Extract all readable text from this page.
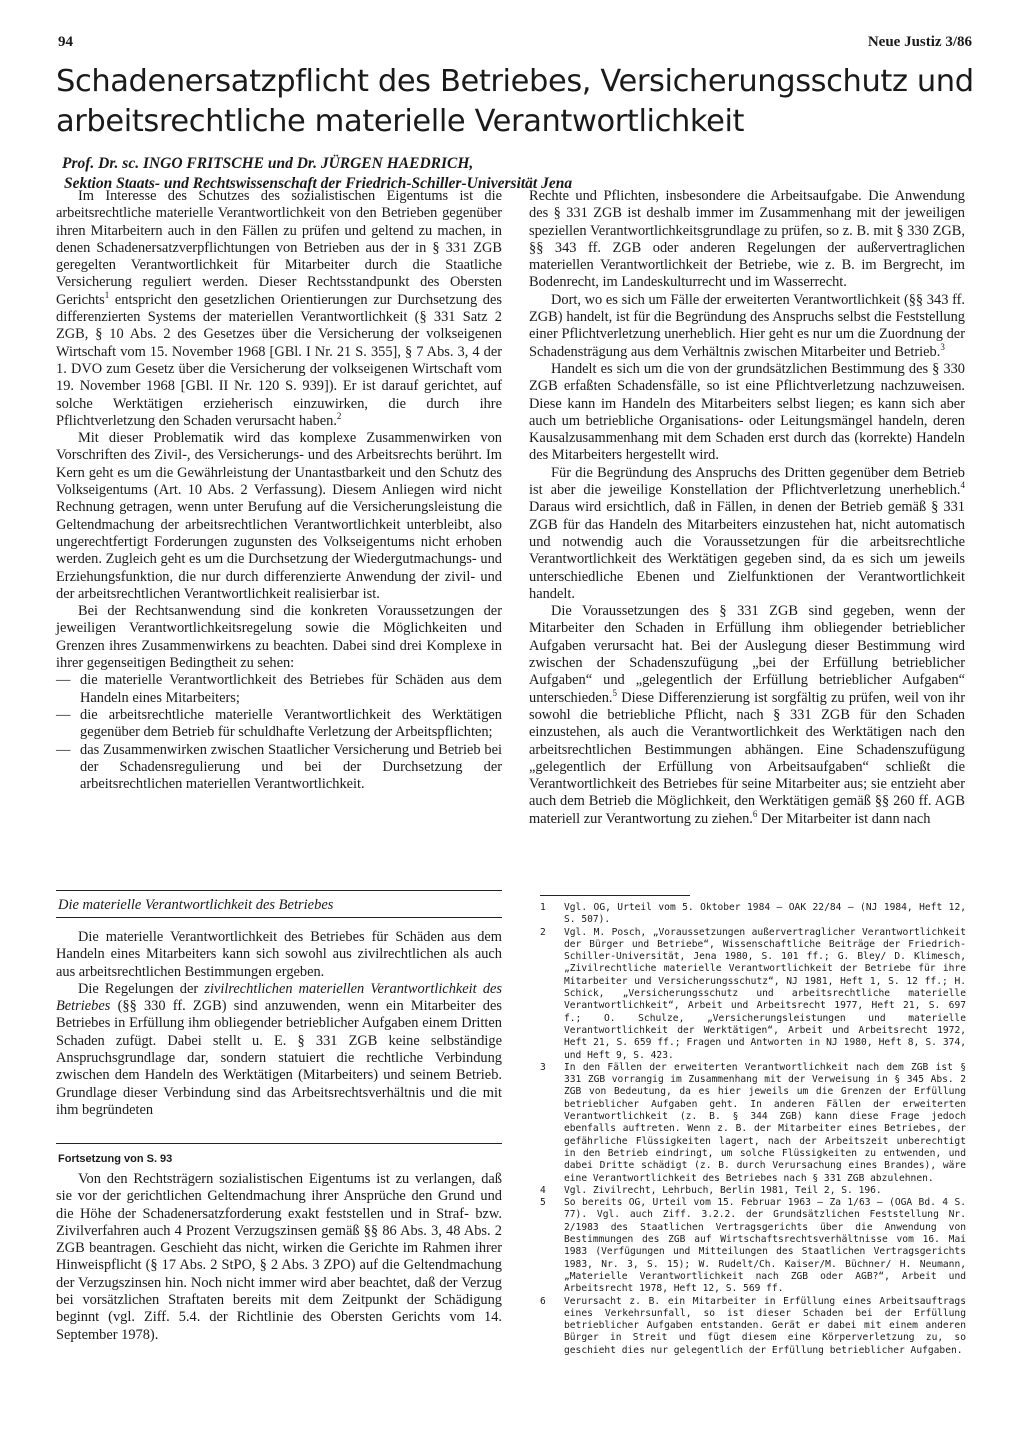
94	Neue Justiz 3/86
Schadenersatzpflicht des Betriebes, Versicherungsschutz und arbeitsrechtliche materielle Verantwortlichkeit
Prof. Dr. sc. INGO FRITSCHE und Dr. JÜRGEN HAEDRICH,
Sektion Staats- und Rechtswissenschaft der Friedrich-Schiller-Universität Jena

Im Interesse des Schutzes des sozialistischen Eigentums ist die arbeitsrechtliche materielle Verantwortlichkeit von den Betrieben gegenüber ihren Mitarbeitern auch in den Fällen zu prüfen und geltend zu machen, in denen Schadenersatzverpflichtungen von Betrieben aus der in § 331 ZGB geregelten Verantwortlichkeit für Mitarbeiter durch die Staatliche Versicherung reguliert werden. Dieser Rechtsstandpunkt des Obersten Gerichts$^1$ entspricht den gesetzlichen Orientierungen zur Durchsetzung des differenzierten Systems der materiellen Verantwortlichkeit (§ 331 Satz 2 ZGB, § 10 Abs. 2 des Gesetzes über die Versicherung der volkseigenen Wirtschaft vom 15. November 1968 [GBl. I Nr. 21 S. 355], § 7 Abs. 3, 4 der 1. DVO zum Gesetz über die Versicherung der volkseigenen Wirtschaft vom 19. November 1968 [GBl. II Nr. 120 S. 939]). Er ist darauf gerichtet, auf solche Werktätigen erzieherisch einzuwirken, die durch ihre Pflichtverletzung den Schaden verursacht haben.$^2$

Mit dieser Problematik wird das komplexe Zusammenwirken von Vorschriften des Zivil-, des Versicherungs- und des Arbeitsrechts berührt. Im Kern geht es um die Gewährleistung der Unantastbarkeit und den Schutz des Volkseigentums (Art. 10 Abs. 2 Verfassung). Diesem Anliegen wird nicht Rechnung getragen, wenn unter Berufung auf die Versicherungsleistung die Geltendmachung der arbeitsrechtlichen Verantwortlichkeit unterbleibt, also ungerechtfertigt Forderungen zugunsten des Volkseigentums nicht erhoben werden. Zugleich geht es um die Durchsetzung der Wiedergutmachungs- und Erziehungsfunktion, die nur durch differenzierte Anwendung der zivil- und der arbeitsrechtlichen Verantwortlichkeit realisierbar ist.

Bei der Rechtsanwendung sind die konkreten Voraussetzungen der jeweiligen Verantwortlichkeitsregelung sowie die Möglichkeiten und Grenzen ihres Zusammenwirkens zu beachten. Dabei sind drei Komplexe in ihrer gegenseitigen Bedingtheit zu sehen:

— die materielle Verantwortlichkeit des Betriebes für Schäden aus dem Handeln eines Mitarbeiters;
— die arbeitsrechtliche materielle Verantwortlichkeit des Werktätigen gegenüber dem Betrieb für schuldhafte Verletzung der Arbeitspflichten;
— das Zusammenwirken zwischen Staatlicher Versicherung und Betrieb bei der Schadensregulierung und bei der Durchsetzung der arbeitsrechtlichen materiellen Verantwortlichkeit.
Die materielle Verantwortlichkeit des Betriebes

Die materielle Verantwortlichkeit des Betriebes für Schäden aus dem Handeln eines Mitarbeiters kann sich sowohl aus zivilrechtlichen als auch aus arbeitsrechtlichen Bestimmungen ergeben.

Die Regelungen der zivilrechtlichen materiellen Verantwortlichkeit des Betriebes (§§ 330 ff. ZGB) sind anzuwenden, wenn ein Mitarbeiter des Betriebes in Erfüllung ihm obliegender betrieblicher Aufgaben einem Dritten Schaden zufügt. Dabei stellt u. E. § 331 ZGB keine selbständige Anspruchsgrundlage dar, sondern statuiert die rechtliche Verbindung zwischen dem Handeln des Werktätigen (Mitarbeiters) und seinem Betrieb. Grundlage dieser Verbindung sind das Arbeitsrechtsverhältnis und die mit ihm begründeten

Fortsetzung von S. 93

Von den Rechtsträgern sozialistischen Eigentums ist zu verlangen, daß sie vor der gerichtlichen Geltendmachung ihrer Ansprüche den Grund und die Höhe der Schadenersatzforderung exakt feststellen und in Straf- bzw. Zivilverfahren auch 4 Prozent Verzugszinsen gemäß §§ 86 Abs. 3, 48 Abs. 2 ZGB beantragen. Geschieht das nicht, wirken die Gerichte im Rahmen ihrer Hinweispflicht (§ 17 Abs. 2 StPO, § 2 Abs. 3 ZPO) auf die Geltendmachung der Verzugszinsen hin. Noch nicht immer wird aber beachtet, daß der Verzug bei vorsätzlichen Straftaten bereits mit dem Zeitpunkt der Schädigung beginnt (vgl. Ziff. 5.4. der Richtlinie des Obersten Gerichts vom 14. September 1978).

Rechte und Pflichten, insbesondere die Arbeitsaufgabe. Die Anwendung des § 331 ZGB ist deshalb immer im Zusammenhang mit der jeweiligen speziellen Verantwortlichkeitsgrundlage zu prüfen, so z. B. mit § 330 ZGB, §§ 343 ff. ZGB oder anderen Regelungen der außervertraglichen materiellen Verantwortlichkeit der Betriebe, wie z. B. im Bergrecht, im Bodenrecht, im Landeskulturrecht und im Wasserrecht.

Dort, wo es sich um Fälle der erweiterten Verantwortlichkeit (§§ 343 ff. ZGB) handelt, ist für die Begründung des Anspruchs selbst die Feststellung einer Pflichtverletzung unerheblich. Hier geht es nur um die Zuordnung der Schadensträgung aus dem Verhältnis zwischen Mitarbeiter und Betrieb.$^3$

Handelt es sich um die von der grundsätzlichen Bestimmung des § 330 ZGB erfaßten Schadensfälle, so ist eine Pflichtverletzung nachzuweisen. Diese kann im Handeln des Mitarbeiters selbst liegen; es kann sich aber auch um betriebliche Organisations- oder Leitungsmängel handeln, deren Kausalzusammenhang mit dem Schaden erst durch das (korrekte) Handeln des Mitarbeiters hergestellt wird.

Für die Begründung des Anspruchs des Dritten gegenüber dem Betrieb ist aber die jeweilige Konstellation der Pflichtverletzung unerheblich.$^4$ Daraus wird ersichtlich, daß in Fällen, in denen der Betrieb gemäß § 331 ZGB für das Handeln des Mitarbeiters einzustehen hat, nicht automatisch und notwendig auch die Voraussetzungen für die arbeitsrechtliche Verantwortlichkeit des Werktätigen gegeben sind, da es sich um jeweils unterschiedliche Ebenen und Zielfunktionen der Verantwortlichkeit handelt.

Die Voraussetzungen des § 331 ZGB sind gegeben, wenn der Mitarbeiter den Schaden in Erfüllung ihm obliegender betrieblicher Aufgaben verursacht hat. Bei der Auslegung dieser Bestimmung wird zwischen der Schadenszufügung „bei der Erfüllung betrieblicher Aufgaben“ und „gelegentlich der Erfüllung betrieblicher Aufgaben“ unterschieden.$^5$ Diese Differenzierung ist sorgfältig zu prüfen, weil von ihr sowohl die betriebliche Pflicht, nach § 331 ZGB für den Schaden einzustehen, als auch die Verantwortlichkeit des Werktätigen nach den arbeitsrechtlichen Bestimmungen abhängen. Eine Schadenszufügung „gelegentlich der Erfüllung von Arbeitsaufgaben“ schließt die Verantwortlichkeit des Betriebes für seine Mitarbeiter aus; sie entzieht aber auch dem Betrieb die Möglichkeit, den Werktätigen gemäß §§ 260 ff. AGB materiell zur Verantwortung zu ziehen.$^6$ Der Mitarbeiter ist dann nach

1 Vgl. OG, Urteil vom 5. Oktober 1984 – OAK 22/84 – (NJ 1984, Heft 12, S. 507).

2 Vgl. M. Posch, „Voraussetzungen außervertraglicher Verantwortlichkeit der Bürger und Betriebe“, Wissenschaftliche Beiträge der Friedrich-Schiller-Universität, Jena 1980, S. 101 ff.; G. Bley/ D. Klimesch, „Zivilrechtliche materielle Verantwortlichkeit der Betriebe für ihre Mitarbeiter und Versicherungsschutz“, NJ 1981, Heft 1, S. 12 ff.; H. Schick, „Versicherungsschutz und arbeitsrechtliche materielle Verantwortlichkeit“, Arbeit und Arbeitsrecht 1977, Heft 21, S. 697 f.; O. Schulze, „Versicherungsleistungen und materielle Verantwortlichkeit der Werktätigen“, Arbeit und Arbeitsrecht 1972, Heft 21, S. 659 ff.; Fragen und Antworten in NJ 1980, Heft 8, S. 374, und Heft 9, S. 423.

3 In den Fällen der erweiterten Verantwortlichkeit nach dem ZGB ist § 331 ZGB vorrangig im Zusammenhang mit der Verweisung in § 345 Abs. 2 ZGB von Bedeutung, da es hier jeweils um die Grenzen der Erfüllung betrieblicher Aufgaben geht. In anderen Fällen der erweiterten Verantwortlichkeit (z. B. § 344 ZGB) kann diese Frage jedoch ebenfalls auftreten. Wenn z. B. der Mitarbeiter eines Betriebes, der gefährliche Flüssigkeiten lagert, nach der Arbeitszeit unberechtigt in den Betrieb eindringt, um solche Flüssigkeiten zu entwenden, und dabei Dritte schädigt (z. B. durch Verursachung eines Brandes), wäre eine Verantwortlichkeit des Betriebes nach § 331 ZGB abzulehnen.

4 Vgl. Zivilrecht, Lehrbuch, Berlin 1981, Teil 2, S. 196.

5 So bereits OG, Urteil vom 15. Februar 1963 – Za 1/63 – (OGA Bd. 4 S. 77). Vgl. auch Ziff. 3.2.2. der Grundsätzlichen Feststellung Nr. 2/1983 des Staatlichen Vertragsgerichts über die Anwendung von Bestimmungen des ZGB auf Wirtschaftsrechtsverhältnisse vom 16. Mai 1983 (Verfügungen und Mitteilungen des Staatlichen Vertragsgerichts 1983, Nr. 3, S. 15); W. Rudelt/Ch. Kaiser/M. Büchner/ H. Neumann, „Materielle Verantwortlichkeit nach ZGB oder AGB?“, Arbeit und Arbeitsrecht 1978, Heft 12, S. 569 ff.

6 Verursacht z. B. ein Mitarbeiter in Erfüllung eines Arbeitsauftrags eines Verkehrsunfall, so ist dieser Schaden bei der Erfüllung betrieblicher Aufgaben entstanden. Gerät er dabei mit einem anderen Bürger in Streit und fügt diesem eine Körperverletzung zu, so geschieht dies nur gelegentlich der Erfüllung betrieblicher Aufgaben.
